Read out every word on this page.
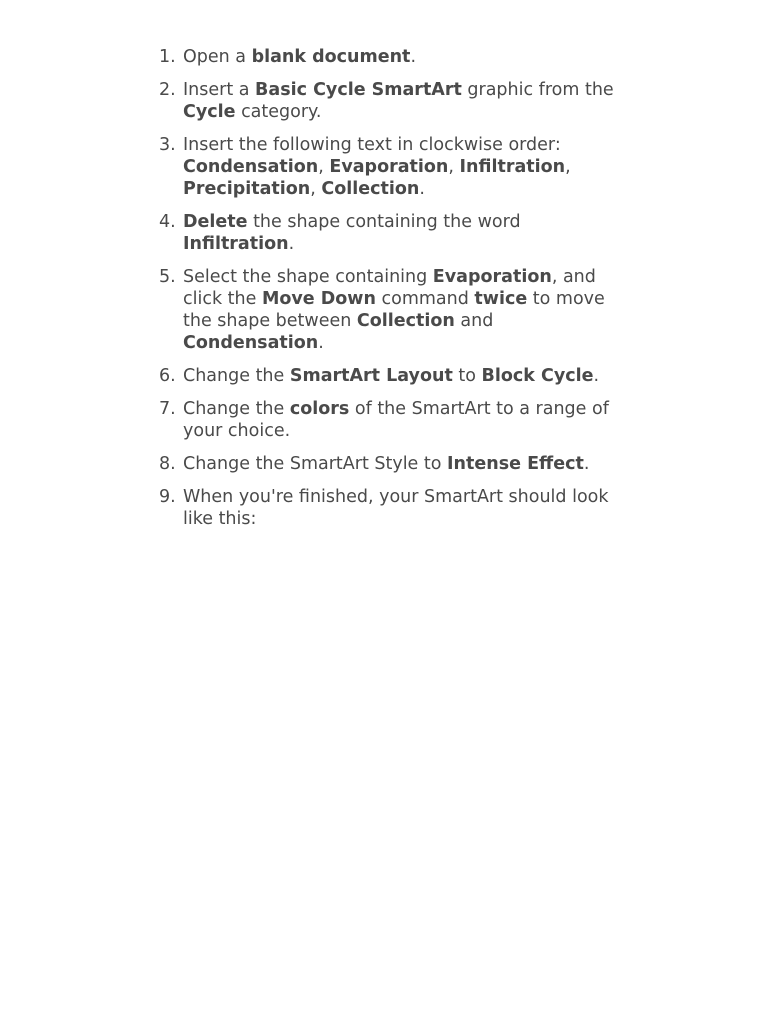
1. Open a blank document.
2. Insert a Basic Cycle SmartArt graphic from the Cycle category.
3. Insert the following text in clockwise order: Condensation, Evaporation, Infiltration, Precipitation, Collection.
4. Delete the shape containing the word Infiltration.
5. Select the shape containing Evaporation, and click the Move Down command twice to move the shape between Collection and Condensation.
6. Change the SmartArt Layout to Block Cycle.
7. Change the colors of the SmartArt to a range of your choice.
8. Change the SmartArt Style to Intense Effect.
9. When you're finished, your SmartArt should look like this:
